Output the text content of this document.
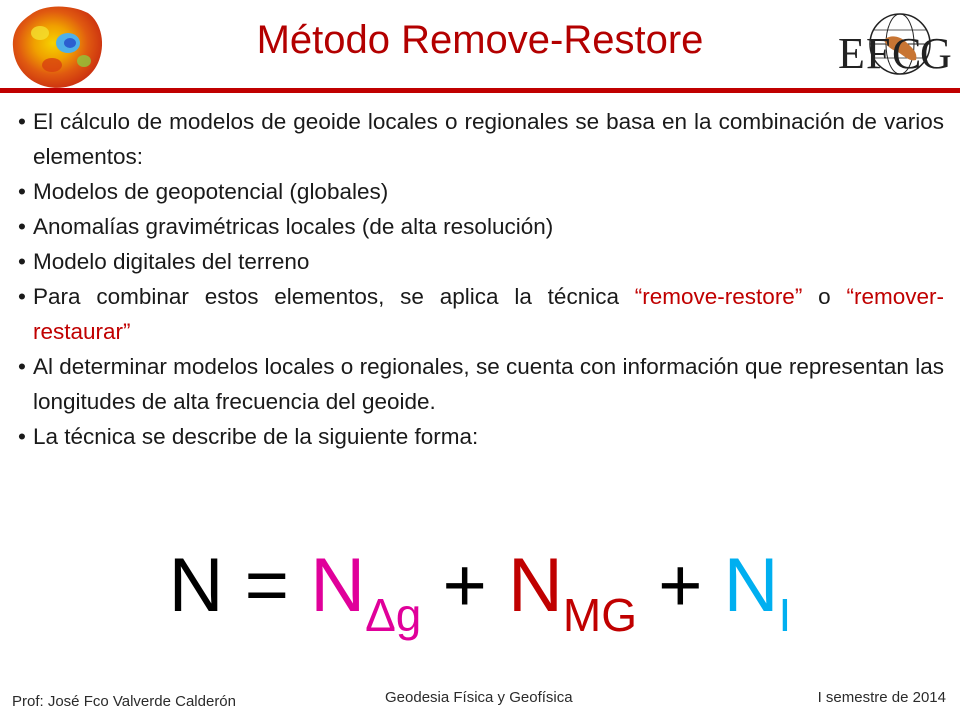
Método Remove-Restore	E F C
G
• El cálculo de modelos de geoide locales o regionales se basa en la combinación de varios elementos:
• Modelos de geopotencial (globales)
• Anomalías gravimétricas locales (de alta resolución)
• Modelo digitales del terreno
• Para combinar estos elementos, se aplica la técnica “remove-restore” o “remover-restaurar”
• Al determinar modelos locales o regionales, se cuenta con información que representan las longitudes de alta frecuencia del geoide.
• La técnica se describe de la siguiente forma:
$N = N_{\Delta g} + N_{MG} + N_I$
Prof: José Fco Valverde Calderón	Geodesia Física y Geofísica	I semestre de 2014
